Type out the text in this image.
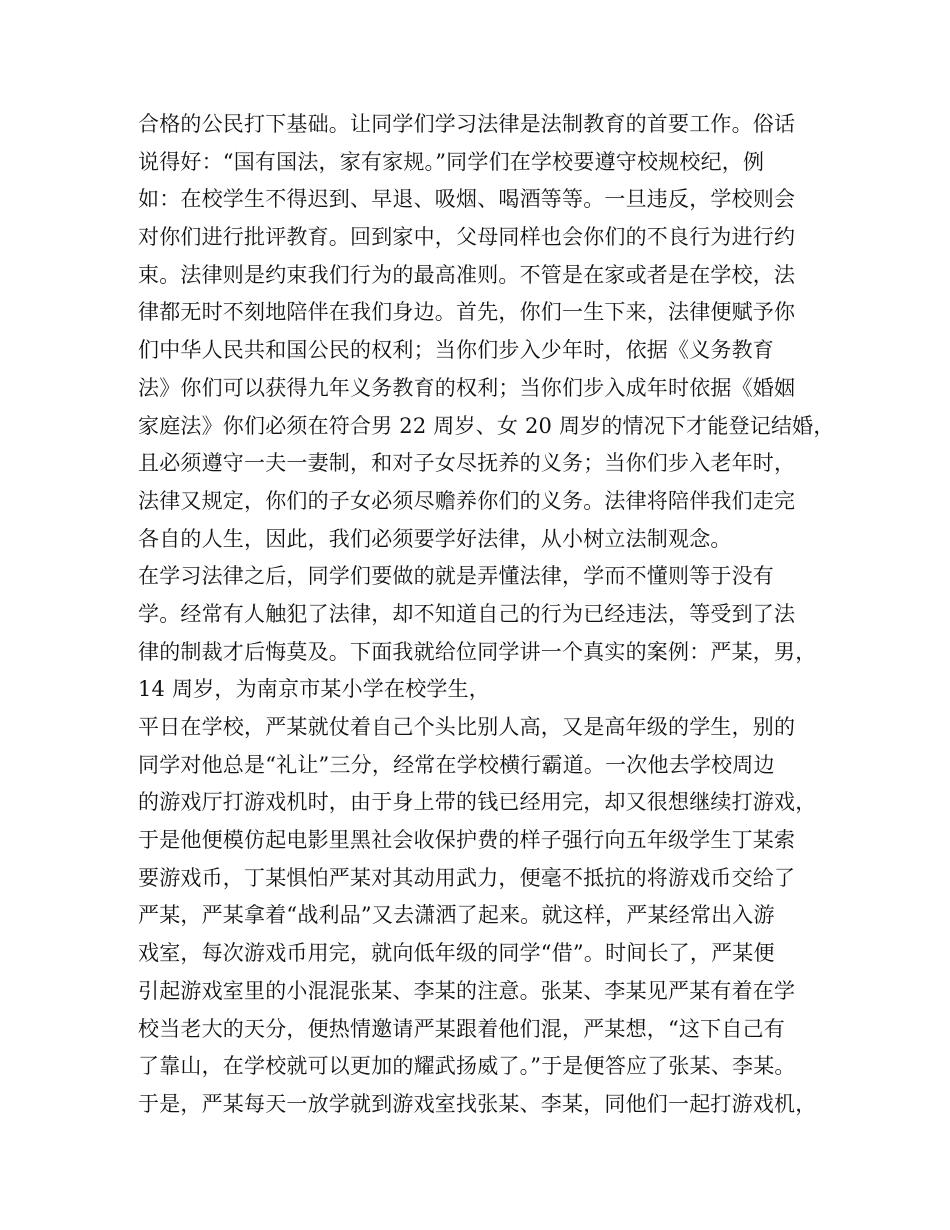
合格的公民打下基础。让同学们学习法律是法制教育的首要工作。俗话
说得好：“国有国法，家有家规。”同学们在学校要遵守校规校纪，例
如：在校学生不得迟到、早退、吸烟、喝酒等等。一旦违反，学校则会
对你们进行批评教育。回到家中，父母同样也会你们的不良行为进行约
束。法律则是约束我们行为的最高准则。不管是在家或者是在学校，法
律都无时不刻地陪伴在我们身边。首先，你们一生下来，法律便赋予你
们中华人民共和国公民的权利；当你们步入少年时，依据《义务教育
法》你们可以获得九年义务教育的权利；当你们步入成年时依据《婚姻
家庭法》你们必须在符合男 22 周岁、女 20 周岁的情况下才能登记结婚，
且必须遵守一夫一妻制，和对子女尽抚养的义务；当你们步入老年时，
法律又规定，你们的子女必须尽赡养你们的义务。法律将陪伴我们走完
各自的人生，因此，我们必须要学好法律，从小树立法制观念。
在学习法律之后，同学们要做的就是弄懂法律，学而不懂则等于没有
学。经常有人触犯了法律，却不知道自己的行为已经违法，等受到了法
律的制裁才后悔莫及。下面我就给位同学讲一个真实的案例：严某，男，
14 周岁，为南京市某小学在校学生，
平日在学校，严某就仗着自己个头比别人高，又是高年级的学生，别的
同学对他总是“礼让”三分，经常在学校横行霸道。一次他去学校周边
的游戏厅打游戏机时，由于身上带的钱已经用完，却又很想继续打游戏，
于是他便模仿起电影里黑社会收保护费的样子强行向五年级学生丁某索
要游戏币，丁某惧怕严某对其动用武力，便毫不抵抗的将游戏币交给了
严某，严某拿着“战利品”又去潇洒了起来。就这样，严某经常出入游
戏室，每次游戏币用完，就向低年级的同学“借”。时间长了，严某便
引起游戏室里的小混混张某、李某的注意。张某、李某见严某有着在学
校当老大的天分，便热情邀请严某跟着他们混，严某想，“这下自己有
了靠山，在学校就可以更加的耀武扬威了。”于是便答应了张某、李某。
于是，严某每天一放学就到游戏室找张某、李某，同他们一起打游戏机，
